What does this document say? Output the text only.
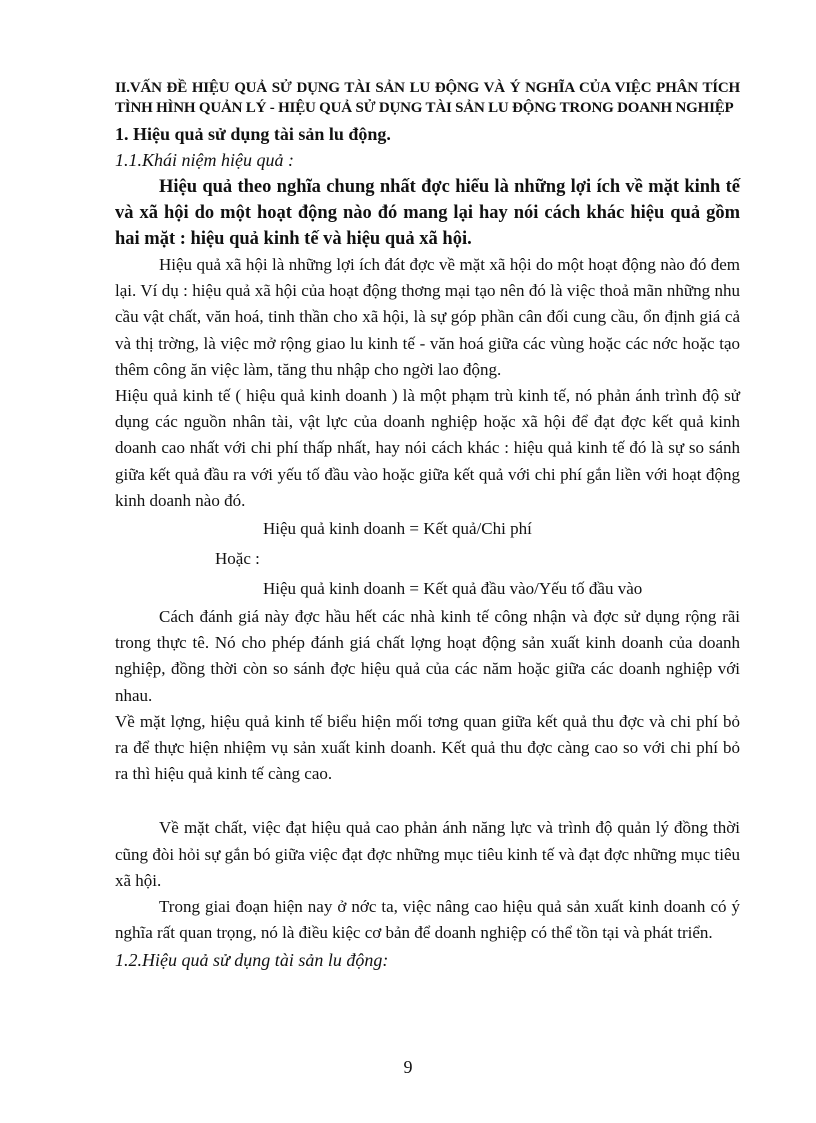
II.VẤN ĐỀ HIỆU QUẢ SỬ DỤNG TÀI SẢN LU ĐỘNG VÀ Ý NGHĨA CỦA VIỆC PHÂN TÍCH TÌNH HÌNH QUẢN LÝ - HIỆU QUẢ SỬ DỤNG TÀI SẢN LU ĐỘNG TRONG DOANH NGHIỆP
1. Hiệu quả sử dụng tài sản lu động.
1.1.Khái niệm hiệu quả :

Hiệu quả theo nghĩa chung nhất đợc hiểu là những lợi ích về mặt kinh tế và xã hội do một hoạt động nào đó mang lại hay nói cách khác hiệu quả gồm hai mặt : hiệu quả kinh tế và hiệu quả xã hội.

Hiệu quả xã hội là những lợi ích đát đợc về mặt xã hội do một hoạt động nào đó đem lại. Ví dụ : hiệu quả xã hội của hoạt động thơng mại tạo nên đó là việc thoả mãn những nhu cầu vật chất, văn hoá, tinh thần cho xã hội, là sự góp phần cân đối cung cầu, ổn định giá cả và thị trờng, là việc mở rộng giao lu kinh tế - văn hoá giữa các vùng hoặc các nớc hoặc tạo thêm công ăn việc làm, tăng thu nhập cho ngời lao động.

Hiệu quả kinh tế ( hiệu quả kinh doanh ) là một phạm trù kinh tế, nó phản ánh trình độ sử dụng các nguồn nhân tài, vật lực của doanh nghiệp hoặc xã hội để đạt đợc kết quả kinh doanh cao nhất với chi phí thấp nhất, hay nói cách khác : hiệu quả kinh tế đó là sự so sánh giữa kết quả đầu ra với yếu tố đầu vào hoặc giữa kết quả với chi phí gắn liền với hoạt động kinh doanh nào đó.

Hiệu quả kinh doanh = Kết quả/Chi phí

Hoặc :

Hiệu quả kinh doanh = Kết quả đầu vào/Yếu tố đầu vào

Cách đánh giá này đợc hầu hết các nhà kinh tế công nhận và đợc sử dụng rộng rãi trong thực tê. Nó cho phép đánh giá chất lợng hoạt động sản xuất kinh doanh của doanh nghiệp, đồng thời còn so sánh đợc hiệu quả của các năm hoặc giữa các doanh nghiệp với nhau.

Về mặt lợng, hiệu quả kinh tế biểu hiện mối tơng quan giữa kết quả thu đợc và chi phí bỏ ra để thực hiện nhiệm vụ sản xuất kinh doanh. Kết quả thu đợc càng cao so với chi phí bỏ ra thì hiệu quả kinh tế càng cao.

Về mặt chất, việc đạt hiệu quả cao phản ánh năng lực và trình độ quản lý đồng thời cũng đòi hỏi sự gắn bó giữa việc đạt đợc những mục tiêu kinh tế và đạt đợc những mục tiêu xã hội.

Trong giai đoạn hiện nay ở nớc ta, việc nâng cao hiệu quả sản xuất kinh doanh có ý nghĩa rất quan trọng, nó là điều kiệc cơ bản để doanh nghiệp có thể tồn tại và phát triển.

1.2.Hiệu quả sử dụng tài sản lu động:
9
